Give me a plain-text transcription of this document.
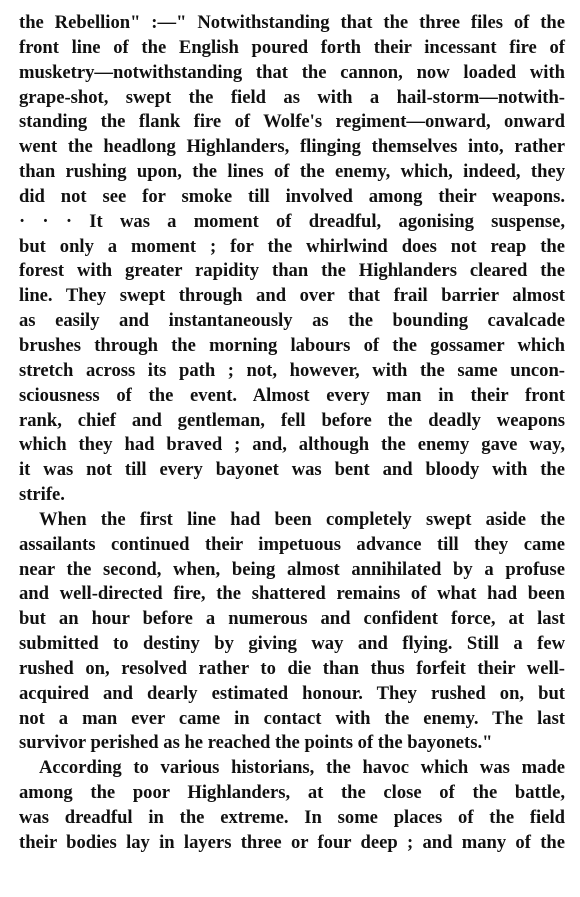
the Rebellion" :—" Notwithstanding that the three files of the
front line of the English poured forth their incessant fire of
musketry—notwithstanding that the cannon, now loaded with
grape-shot, swept the field as with a hail-storm—notwith-
standing the flank fire of Wolfe's regiment—onward, onward
went the headlong Highlanders, flinging themselves into, rather
than rushing upon, the lines of the enemy, which, indeed, they
did not see for smoke till involved among their weapons.
· · · It was a moment of dreadful, agonising suspense,
but only a moment ; for the whirlwind does not reap the
forest with greater rapidity than the Highlanders cleared the
line. They swept through and over that frail barrier almost
as easily and instantaneously as the bounding cavalcade
brushes through the morning labours of the gossamer which
stretch across its path ; not, however, with the same uncon-
sciousness of the event. Almost every man in their front
rank, chief and gentleman, fell before the deadly weapons
which they had braved ; and, although the enemy gave way,
it was not till every bayonet was bent and bloody with the
strife.
When the first line had been completely swept aside the
assailants continued their impetuous advance till they came
near the second, when, being almost annihilated by a profuse
and well-directed fire, the shattered remains of what had been
but an hour before a numerous and confident force, at last
submitted to destiny by giving way and flying. Still a few
rushed on, resolved rather to die than thus forfeit their well-
acquired and dearly estimated honour. They rushed on, but
not a man ever came in contact with the enemy. The last
survivor perished as he reached the points of the bayonets."
According to various historians, the havoc which was made
among the poor Highlanders, at the close of the battle,
was dreadful in the extreme. In some places of the field
their bodies lay in layers three or four deep ; and many of the
